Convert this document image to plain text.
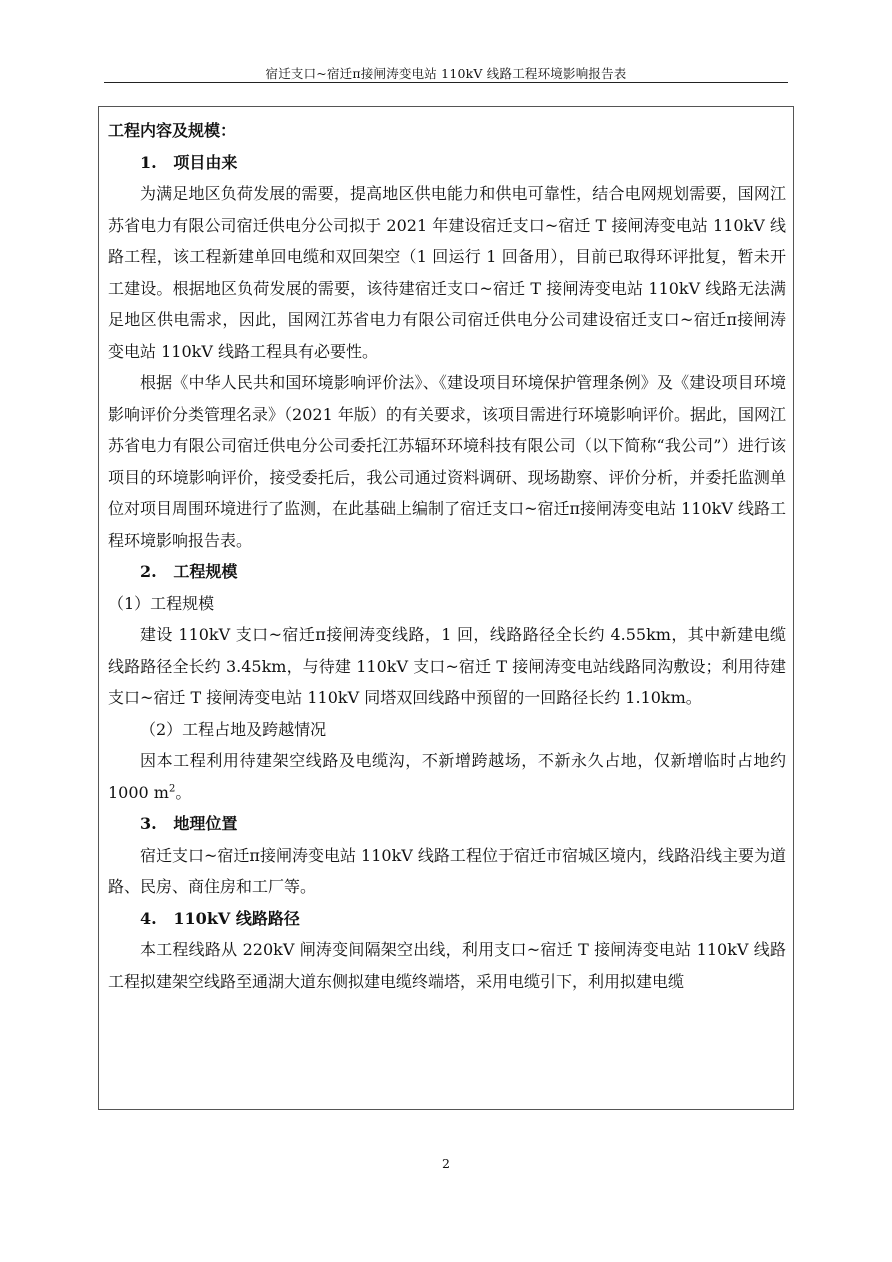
宿迁支口~宿迁π接闸涛变电站 110kV 线路工程环境影响报告表

工程内容及规模：

1.   项目由来

为满足地区负荷发展的需要，提高地区供电能力和供电可靠性，结合电网规划需要，国网江苏省电力有限公司宿迁供电分公司拟于 2021 年建设宿迁支口~宿迁 T 接闸涛变电站 110kV 线路工程，该工程新建单回电缆和双回架空（1 回运行 1 回备用），目前已取得环评批复，暂未开工建设。根据地区负荷发展的需要，该待建宿迁支口~宿迁 T 接闸涛变电站 110kV 线路无法满足地区供电需求，因此，国网江苏省电力有限公司宿迁供电分公司建设宿迁支口~宿迁π接闸涛变电站 110kV 线路工程具有必要性。

根据《中华人民共和国环境影响评价法》、《建设项目环境保护管理条例》及《建设项目环境影响评价分类管理名录》（2021 年版）的有关要求，该项目需进行环境影响评价。据此，国网江苏省电力有限公司宿迁供电分公司委托江苏辐环环境科技有限公司（以下简称“我公司”）进行该项目的环境影响评价，接受委托后，我公司通过资料调研、现场勘察、评价分析，并委托监测单位对项目周围环境进行了监测，在此基础上编制了宿迁支口~宿迁π接闸涛变电站 110kV 线路工程环境影响报告表。

2.   工程规模

（1）工程规模

建设 110kV 支口~宿迁π接闸涛变线路，1 回，线路路径全长约 4.55km，其中新建电缆线路路径全长约 3.45km，与待建 110kV 支口~宿迁 T 接闸涛变电站线路同沟敷设；利用待建支口~宿迁 T 接闸涛变电站 110kV 同塔双回线路中预留的一回路径长约 1.10km。

（2）工程占地及跨越情况

因本工程利用待建架空线路及电缆沟，不新增跨越场，不新永久占地，仅新增临时占地约 1000 $m^2$。

3.   地理位置

宿迁支口~宿迁π接闸涛变电站 110kV 线路工程位于宿迁市宿城区境内，线路沿线主要为道路、民房、商住房和工厂等。

4.   110kV 线路路径

本工程线路从 220kV 闸涛变间隔架空出线，利用支口~宿迁 T 接闸涛变电站 110kV 线路工程拟建架空线路至通湖大道东侧拟建电缆终端塔，采用电缆引下，利用拟建电缆

2
